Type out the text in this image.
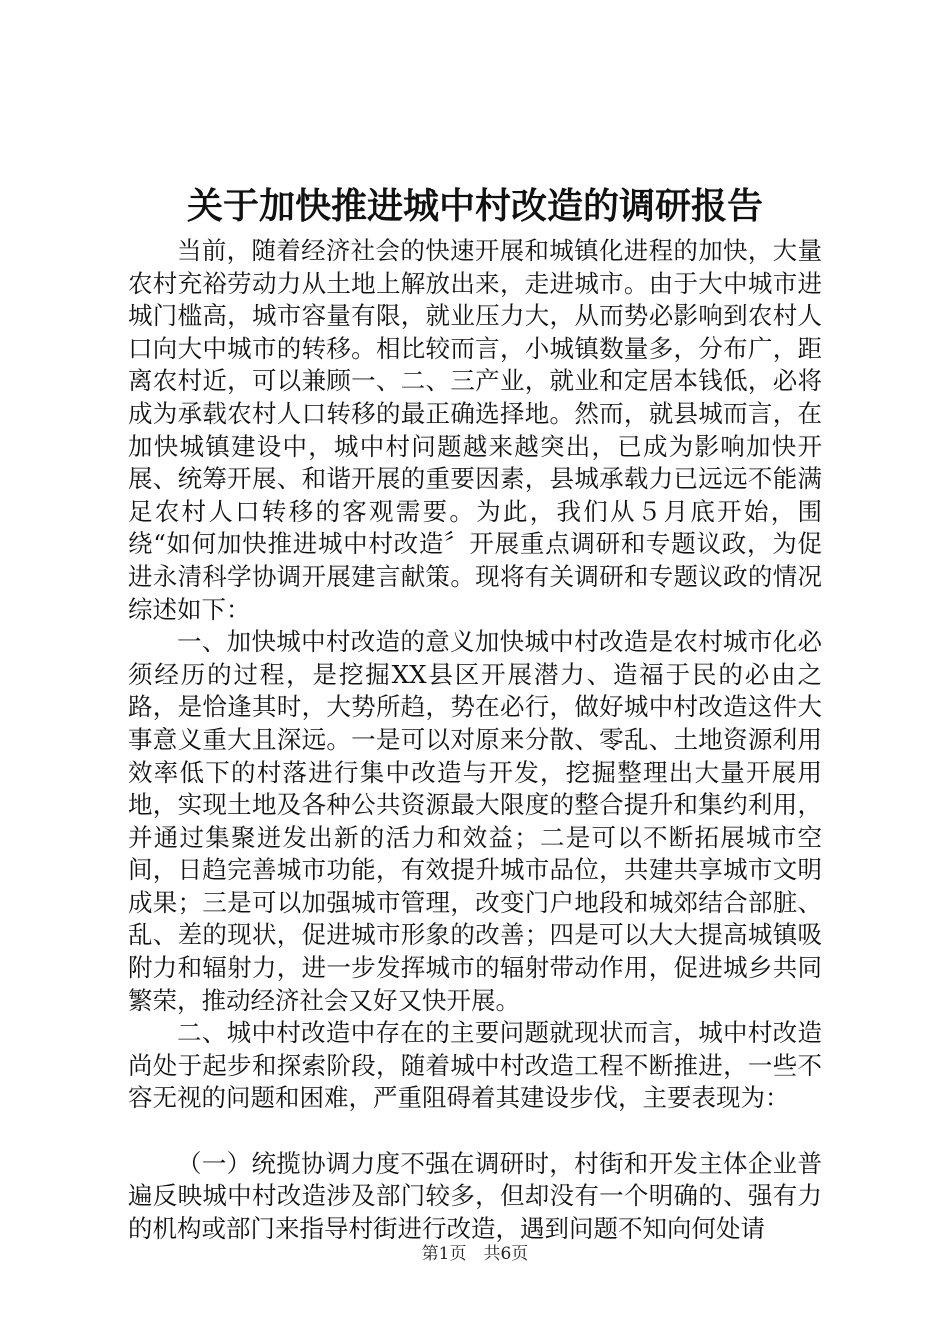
关于加快推进城中村改造的调研报告

当前，随着经济社会的快速开展和城镇化进程的加快，大量农村充裕劳动力从土地上解放出来，走进城市。由于大中城市进城门槛高，城市容量有限，就业压力大，从而势必影响到农村人口向大中城市的转移。相比较而言，小城镇数量多，分布广，距离农村近，可以兼顾一、二、三产业，就业和定居本钱低，必将成为承载农村人口转移的最正确选择地。然而，就县城而言，在加快城镇建设中，城中村问题越来越突出，已成为影响加快开展、统筹开展、和谐开展的重要因素，县城承载力已远远不能满足农村人口转移的客观需要。为此，我们从５月底开始，围绕“如何加快推进城中村改造〞开展重点调研和专题议政，为促进永清科学协调开展建言献策。现将有关调研和专题议政的情况综述如下：

一、加快城中村改造的意义加快城中村改造是农村城市化必须经历的过程，是挖掘XX县区开展潜力、造福于民的必由之路，是恰逢其时，大势所趋，势在必行，做好城中村改造这件大事意义重大且深远。一是可以对原来分散、零乱、土地资源利用效率低下的村落进行集中改造与开发，挖掘整理出大量开展用地，实现土地及各种公共资源最大限度的整合提升和集约利用，并通过集聚迸发出新的活力和效益；二是可以不断拓展城市空间，日趋完善城市功能，有效提升城市品位，共建共享城市文明成果；三是可以加强城市管理，改变门户地段和城郊结合部脏、乱、差的现状，促进城市形象的改善；四是可以大大提高城镇吸附力和辐射力，进一步发挥城市的辐射带动作用，促进城乡共同繁荣，推动经济社会又好又快开展。

二、城中村改造中存在的主要问题就现状而言，城中村改造尚处于起步和探索阶段，随着城中村改造工程不断推进，一些不容无视的问题和困难，严重阻碍着其建设步伐，主要表现为：

（一）统揽协调力度不强在调研时，村街和开发主体企业普遍反映城中村改造涉及部门较多，但却没有一个明确的、强有力的机构或部门来指导村街进行改造，遇到问题不知向何处请

第1页　共6页
